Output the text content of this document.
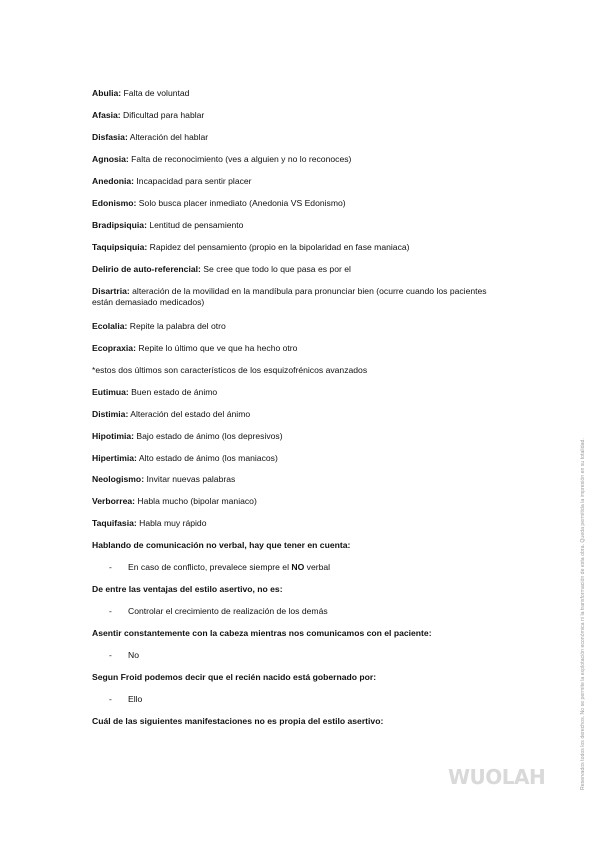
Abulia: Falta de voluntad
Afasia: Dificultad para hablar
Disfasia: Alteración del hablar
Agnosia: Falta de reconocimiento (ves a alguien y no lo reconoces)
Anedonia: Incapacidad para sentir placer
Edonismo: Solo busca placer inmediato (Anedonia VS Edonismo)
Bradipsiquia: Lentitud de pensamiento
Taquipsiquia: Rapidez del pensamiento (propio en la bipolaridad en fase maniaca)
Delirio de auto-referencial: Se cree que todo lo que pasa es por el
Disartria: alteración de la movilidad en la mandíbula para pronunciar bien (ocurre cuando los pacientes están demasiado medicados)
Ecolalia: Repite la palabra del otro
Ecopraxia: Repite lo último que ve que ha hecho otro
*estos dos últimos son característicos de los esquizofrénicos avanzados
Eutimua: Buen estado de ánimo
Distimia: Alteración del estado del ánimo
Hipotimia: Bajo estado de ánimo (los depresivos)
Hipertimia: Alto estado de ánimo (los maniacos)
Neologismo: Invitar nuevas palabras
Verborrea: Habla mucho (bipolar maniaco)
Taquifasia: Habla muy rápido
Hablando de comunicación no verbal, hay que tener en cuenta:
- En caso de conflicto, prevalece siempre el NO verbal
De entre las ventajas del estilo asertivo, no es:
- Controlar el crecimiento de realización de los demás
Asentir constantemente con la cabeza mientras nos comunicamos con el paciente:
- No
Segun Froid podemos decir que el recién nacido está gobernado por:
- Ello
Cuál de las siguientes manifestaciones no es propia del estilo asertivo:	Reservados todos los derechos. No se permite la explotación económica ni la transformación de esta obra. Queda permitida la impresión en su totalidad.
WUOLAH
